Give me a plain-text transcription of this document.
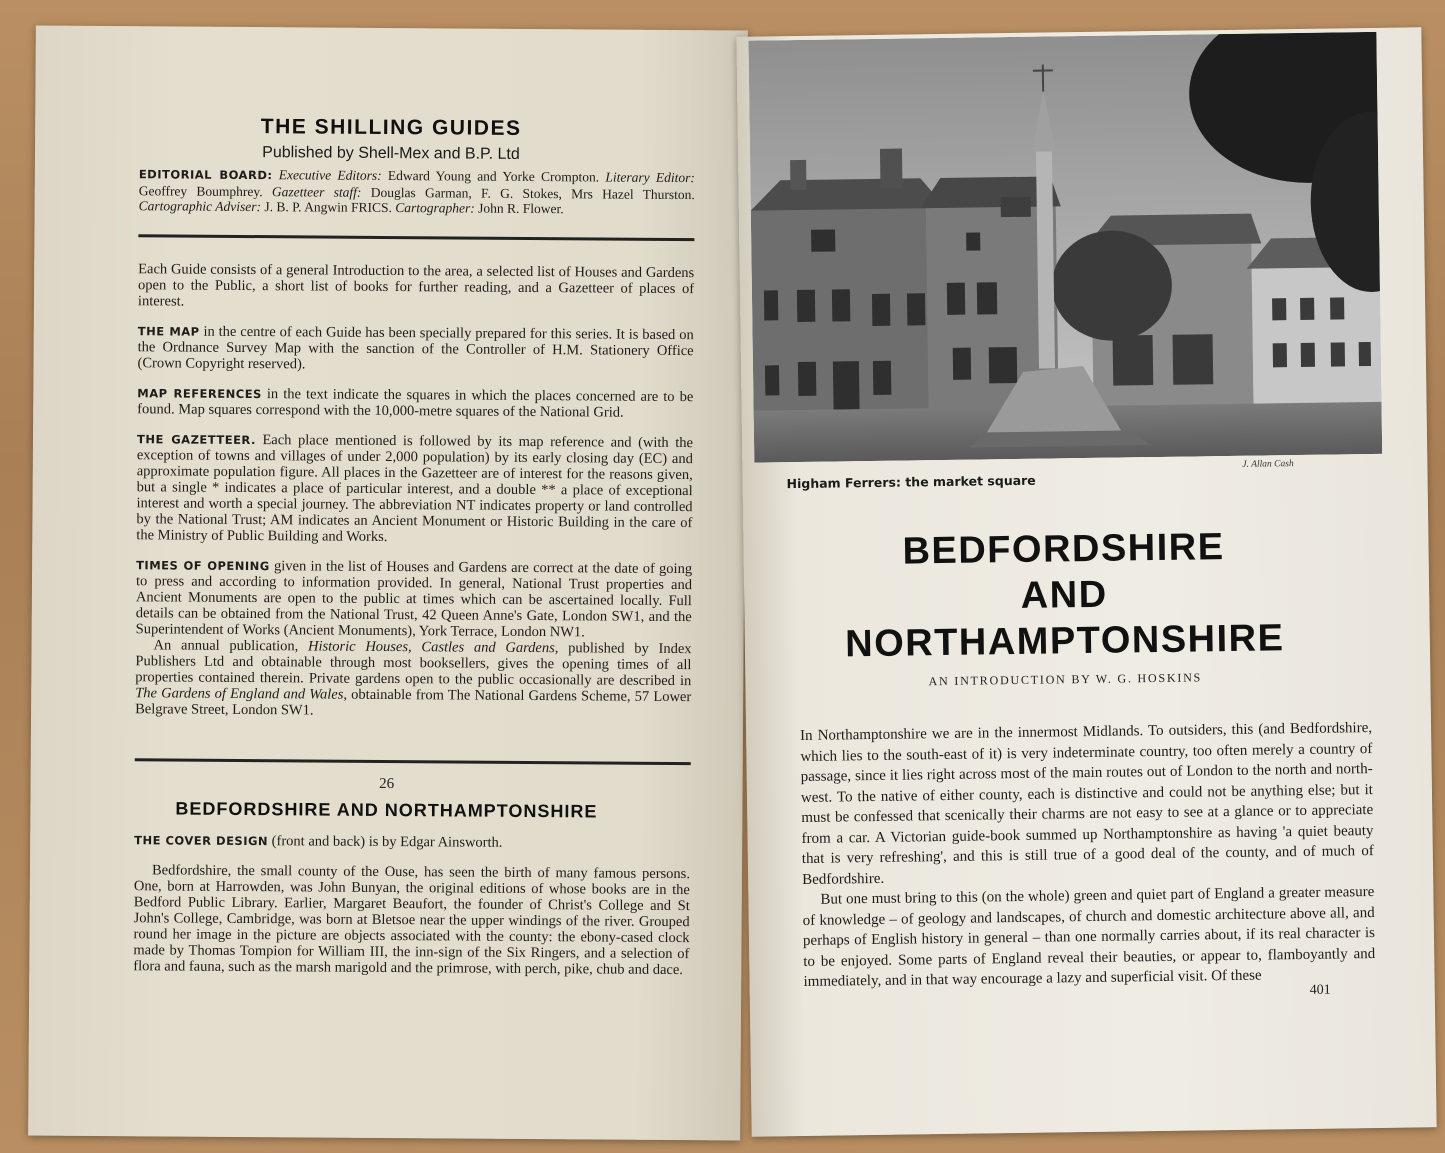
THE SHILLING GUIDES
Published by Shell-Mex and B.P. Ltd
EDITORIAL BOARD: Executive Editors: Edward Young and Yorke Crompton. Literary Editor: Geoffrey Boumphrey. Gazetteer staff: Douglas Garman, F. G. Stokes, Mrs Hazel Thurston. Cartographic Adviser: J. B. P. Angwin FRICS. Cartographer: John R. Flower.

Each Guide consists of a general Introduction to the area, a selected list of Houses and Gardens open to the Public, a short list of books for further reading, and a Gazetteer of places of interest.

THE MAP in the centre of each Guide has been specially prepared for this series. It is based on the Ordnance Survey Map with the sanction of the Controller of H.M. Stationery Office (Crown Copyright reserved).

MAP REFERENCES in the text indicate the squares in which the places concerned are to be found. Map squares correspond with the 10,000-metre squares of the National Grid.

THE GAZETTEER. Each place mentioned is followed by its map reference and (with the exception of towns and villages of under 2,000 population) by its early closing day (EC) and approximate population figure. All places in the Gazetteer are of interest for the reasons given, but a single * indicates a place of particular interest, and a double ** a place of exceptional interest and worth a special journey. The abbreviation NT indicates property or land controlled by the National Trust; AM indicates an Ancient Monument or Historic Building in the care of the Ministry of Public Building and Works.

TIMES OF OPENING given in the list of Houses and Gardens are correct at the date of going to press and according to information provided. In general, National Trust properties and Ancient Monuments are open to the public at times which can be ascertained locally. Full details can be obtained from the National Trust, 42 Queen Anne's Gate, London SW1, and the Superintendent of Works (Ancient Monuments), York Terrace, London NW1.

An annual publication, Historic Houses, Castles and Gardens, published by Index Publishers Ltd and obtainable through most booksellers, gives the opening times of all properties contained therein. Private gardens open to the public occasionally are described in The Gardens of England and Wales, obtainable from The National Gardens Scheme, 57 Lower Belgrave Street, London SW1.

26
BEDFORDSHIRE AND NORTHAMPTONSHIRE

THE COVER DESIGN (front and back) is by Edgar Ainsworth.

Bedfordshire, the small county of the Ouse, has seen the birth of many famous persons. One, born at Harrowden, was John Bunyan, the original editions of whose books are in the Bedford Public Library. Earlier, Margaret Beaufort, the founder of Christ's College and St John's College, Cambridge, was born at Bletsoe near the upper windings of the river. Grouped round her image in the picture are objects associated with the county: the ebony-cased clock made by Thomas Tompion for William III, the inn-sign of the Six Ringers, and a selection of flora and fauna, such as the marsh marigold and the primrose, with perch, pike, chub and dace.

Higham Ferrers: the market square
J. Allan Cash
BEDFORDSHIRE
AND
NORTHAMPTONSHIRE
AN INTRODUCTION BY W. G. HOSKINS

In Northamptonshire we are in the innermost Midlands. To outsiders, this (and Bedfordshire, which lies to the south-east of it) is very indeterminate country, too often merely a country of passage, since it lies right across most of the main routes out of London to the north and north-west. To the native of either county, each is distinctive and could not be anything else; but it must be confessed that scenically their charms are not easy to see at a glance or to appreciate from a car. A Victorian guide-book summed up Northamptonshire as having 'a quiet beauty that is very refreshing', and this is still true of a good deal of the county, and of much of Bedfordshire.

But one must bring to this (on the whole) green and quiet part of England a greater measure of knowledge – of geology and landscapes, of church and domestic architecture above all, and perhaps of English history in general – than one normally carries about, if its real character is to be enjoyed. Some parts of England reveal their beauties, or appear to, flamboyantly and immediately, and in that way encourage a lazy and superficial visit. Of these

401
